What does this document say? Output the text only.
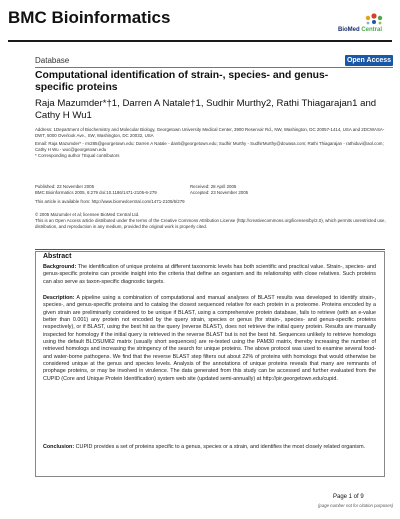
BMC Bioinformatics
BioMed Central
Database	Open Access
Computational identification of strain-, species- and genus-specific proteins
Raja Mazumder*†1, Darren A Natale†1, Sudhir Murthy2, Rathi Thiagarajan1 and Cathy H Wu1
Address: 1Department of Biochemistry and Molecular Biology, Georgetown University Medical Center, 3900 Reservoir Rd., NW, Washington, DC 20057-1414, USA and 2DCWASA-DWT, 5000 Overlook Ave., SW, Washington, DC 20032, USA
Email: Raja Mazumder* - rm285@georgetown.edu; Darren A Natale - dan5@georgetown.edu; Sudhir Murthy - SudhirMurthy@dcwasa.com; Rathi Thiagarajan - rathiduvi@aol.com; Cathy H Wu - wuc@georgetown.edu
* Corresponding author †Equal contributors
Published: 23 November 2005
BMC Bioinformatics 2005, 6:279 doi:10.1186/1471-2105-6-279
Received: 28 April 2005
Accepted: 23 November 2005
This article is available from: http://www.biomedcentral.com/1471-2105/6/279
© 2005 Mazumder et al; licensee BioMed Central Ltd.
This is an Open Access article distributed under the terms of the Creative Commons Attribution License (http://creativecommons.org/licenses/by/2.0), which permits unrestricted use, distribution, and reproduction in any medium, provided the original work is properly cited.
Abstract
Background: The identification of unique proteins at different taxonomic levels has both scientific and practical value. Strain-, species- and genus-specific proteins can provide insight into the criteria that define an organism and its relationship with close relatives. Such proteins can also serve as taxon-specific diagnostic targets.
Description: A pipeline using a combination of computational and manual analyses of BLAST results was developed to identify strain-, species-, and genus-specific proteins and to catalog the closest sequenced relative for each protein in a proteome. Proteins encoded by a given strain are preliminarily considered to be unique if BLAST, using a comprehensive protein database, fails to retrieve (with an e-value better than 0.001) any protein not encoded by the query strain, species or genus (for strain-, species- and genus-specific proteins respectively), or if BLAST, using the best hit as the query (reverse BLAST), does not retrieve the initial query protein. Results are manually inspected for homology if the initial query is retrieved in the reverse BLAST but is not the best hit. Sequences unlikely to retrieve homologs using the default BLOSUM62 matrix (usually short sequences) are re-tested using the PAM30 matrix, thereby increasing the number of retrieved homologs and increasing the stringency of the search for unique proteins. The above protocol was used to examine several food- and water-borne pathogens. We find that the reverse BLAST step filters out about 22% of proteins with homologs that would otherwise be considered unique at the genus and species levels. Analysis of the annotations of unique proteins reveals that many are remnants of prophage proteins, or may be involved in virulence. The data generated from this study can be accessed and further evaluated from the CUPID (Core and Unique Protein Identification) system web site (updated semi-annually) at http://pir.georgetown.edu/cupid.
Conclusion: CUPID provides a set of proteins specific to a genus, species or a strain, and identifies the most closely related organism.
Page 1 of 9
(page number not for citation purposes)
